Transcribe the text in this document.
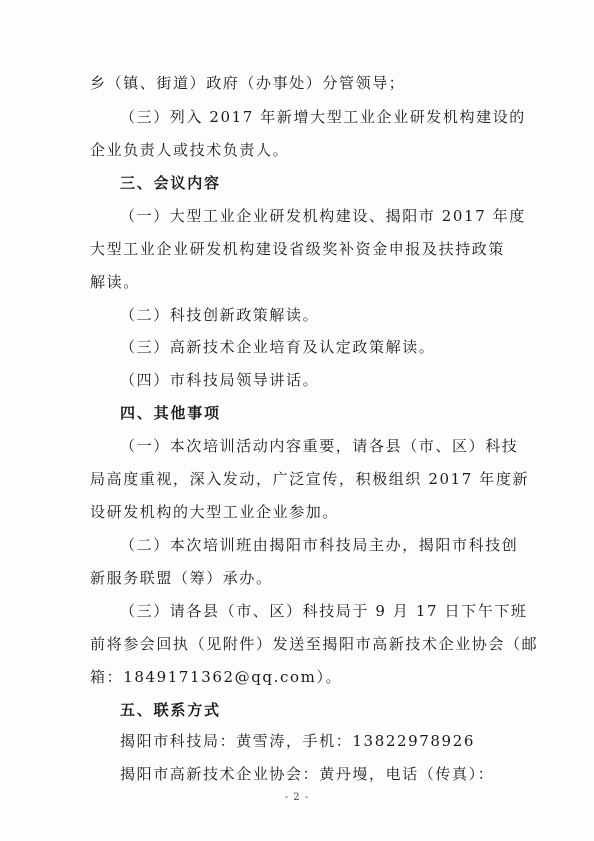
乡（镇、街道）政府（办事处）分管领导；
（三）列入 2017 年新增大型工业企业研发机构建设的
企业负责人或技术负责人。
三、会议内容
（一）大型工业企业研发机构建设、揭阳市 2017 年度
大型工业企业研发机构建设省级奖补资金申报及扶持政策
解读。
（二）科技创新政策解读。
（三）高新技术企业培育及认定政策解读。
（四）市科技局领导讲话。
四、其他事项
（一）本次培训活动内容重要，请各县（市、区）科技
局高度重视，深入发动，广泛宣传，积极组织 2017 年度新
设研发机构的大型工业企业参加。
（二）本次培训班由揭阳市科技局主办，揭阳市科技创
新服务联盟（筹）承办。
（三）请各县（市、区）科技局于 9 月 17 日下午下班
前将参会回执（见附件）发送至揭阳市高新技术企业协会（邮
箱：1849171362@qq.com）。
五、联系方式
揭阳市科技局：黄雪涛，手机：13822978926
揭阳市高新技术企业协会：黄丹墁，电话（传真）：
- 2 -
